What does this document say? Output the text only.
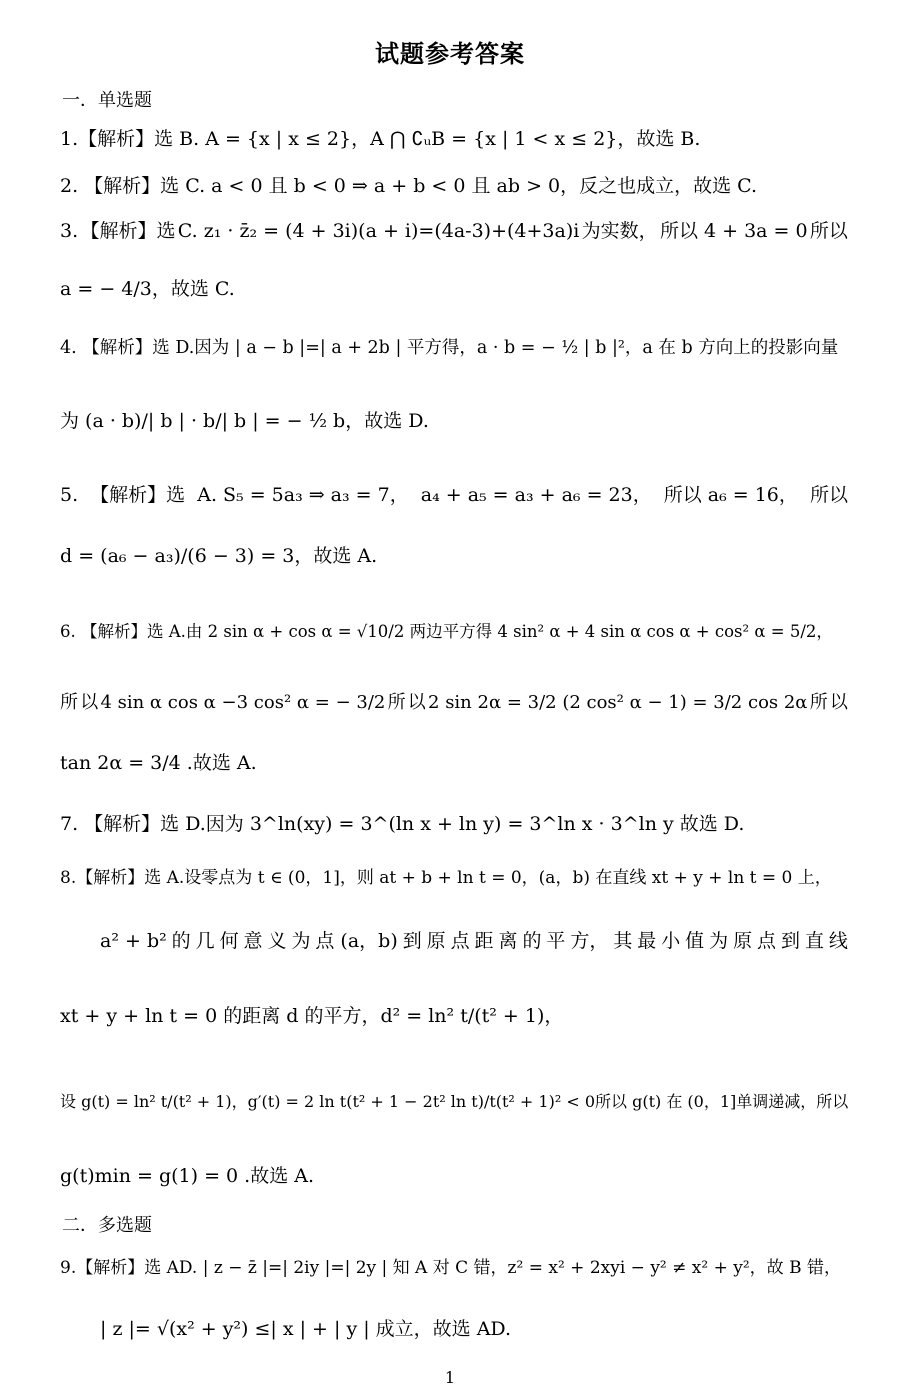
试题参考答案
一．单选题
1.【解析】选 B. A = {x | x ≤ 2}，A ⋂ ∁ᵤB = {x | 1 < x ≤ 2}，故选 B.
2. 【解析】选 C. a < 0 且 b < 0 ⇒ a + b < 0 且 ab > 0，反之也成立，故选 C.
3. 【解析】选 C. z₁ · z̄₂ = (4 + 3i)(a + i)=(4a-3)+(4+3a)i 为实数， 所以 4 + 3a = 0 所以
a = − 4/3，故选 C.
4. 【解析】选 D.因为 | a − b |=| a + 2b | 平方得，a · b = − ½ | b |²，a 在 b 方向上的投影向量
为 (a · b)/| b | · b/| b | = − ½ b，故选 D.
5. 【解析】选 A. S₅ = 5a₃ ⇒ a₃ = 7， a₄ + a₅ = a₃ + a₆ = 23， 所以 a₆ = 16， 所以
d = (a₆ − a₃)/(6 − 3) = 3，故选 A.
6. 【解析】选 A.由 2 sin α + cos α = √10/2 两边平方得 4 sin² α + 4 sin α cos α + cos² α = 5/2，
所 以 4 sin α cos α −3 cos² α = − 3/2 所 以 2 sin 2α = 3/2 (2 cos² α − 1) = 3/2 cos 2α 所 以
tan 2α = 3/4 .故选 A.
7. 【解析】选 D.因为 3^ln(xy) = 3^(ln x + ln y) = 3^ln x · 3^ln y 故选 D.
8.【解析】选 A.设零点为 t ∈ (0，1]，则 at + b + ln t = 0，(a，b) 在直线 xt + y + ln t = 0 上，
a² + b² 的 几 何 意 义 为 点 (a，b) 到 原 点 距 离 的 平 方， 其 最 小 值 为 原 点 到 直 线
xt + y + ln t = 0 的距离 d 的平方，d² = ln² t/(t² + 1)，
设 g(t) = ln² t/(t² + 1)， g′(t) = 2 ln t(t² + 1 − 2t² ln t)/t(t² + 1)² < 0 所以 g(t) 在 (0，1] 单调递减， 所以
g(t)min = g(1) = 0 .故选 A.
二．多选题
9.【解析】选 AD. | z − z̄ |=| 2iy |=| 2y | 知 A 对 C 错，z² = x² + 2xyi − y² ≠ x² + y²，故 B 错，
| z |= √(x² + y²) ≤| x | + | y | 成立，故选 AD.
1
